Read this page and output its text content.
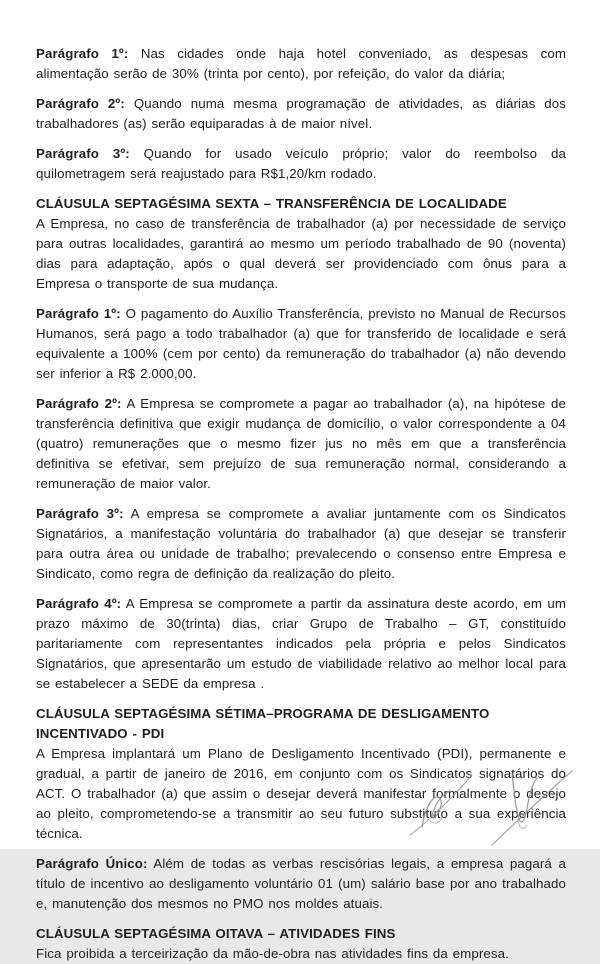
Parágrafo 1º: Nas cidades onde haja hotel conveniado, as despesas com alimentação serão de 30% (trinta por cento), por refeição, do valor da diária;

Parágrafo 2º: Quando numa mesma programação de atividades, as diárias dos trabalhadores (as) serão equiparadas à de maior nível.

Parágrafo 3º: Quando for usado veículo próprio; valor do reembolso da quilometragem será reajustado para R$1,20/km rodado.

CLÁUSULA SEPTAGÉSIMA SEXTA – TRANSFERÊNCIA DE LOCALIDADE
A Empresa, no caso de transferência de trabalhador (a) por necessidade de serviço para outras localidades, garantirá ao mesmo um período trabalhado de 90 (noventa) dias para adaptação, após o qual deverá ser providenciado com ônus para a Empresa o transporte de sua mudança.

Parágrafo 1º: O pagamento do Auxílio Transferência, previsto no Manual de Recursos Humanos, será pago a todo trabalhador (a) que for transferido de localidade e será equivalente a 100% (cem por cento) da remuneração do trabalhador (a) não devendo ser inferior a R$ 2.000,00.

Parágrafo 2º: A Empresa se compromete a pagar ao trabalhador (a), na hipótese de transferência definitiva que exigir mudança de domicílio, o valor correspondente a 04 (quatro) remunerações que o mesmo fizer jus no mês em que a transferência definitiva se efetivar, sem prejuízo de sua remuneração normal, considerando a remuneração de maior valor.

Parágrafo 3º: A empresa se compromete a avaliar juntamente com os Sindicatos Signatários, a manifestação voluntária do trabalhador (a) que desejar se transferir para outra área ou unidade de trabalho; prevalecendo o consenso entre Empresa e Sindicato, como regra de definição da realização do pleito.

Parágrafo 4º: A Empresa se compromete a partir da assinatura deste acordo, em um prazo máximo de 30(trinta) dias, criar Grupo de Trabalho – GT, constituído paritariamente com representantes indicados pela própria e pelos Sindicatos Signatários, que apresentarão um estudo de viabilidade relativo ao melhor local para se estabelecer a SEDE da empresa .

CLÁUSULA SEPTAGÉSIMA SÉTIMA–PROGRAMA DE DESLIGAMENTO INCENTIVADO - PDI
A Empresa implantará um Plano de Desligamento Incentivado (PDI), permanente e gradual, a partir de janeiro de 2016, em conjunto com os Sindicatos signatários do ACT. O trabalhador (a) que assim o desejar deverá manifestar formalmente o desejo ao pleito, comprometendo-se a transmitir ao seu futuro substituto a sua experiência técnica.

Parágrafo Único: Além de todas as verbas rescisórias legais, a empresa pagará a título de incentivo ao desligamento voluntário 01 (um) salário base por ano trabalhado e, manutenção dos mesmos no PMO nos moldes atuais.

CLÁUSULA SEPTAGÉSIMA OITAVA – ATIVIDADES FINS
Fica proibida a terceirização da mão-de-obra nas atividades fins da empresa.
